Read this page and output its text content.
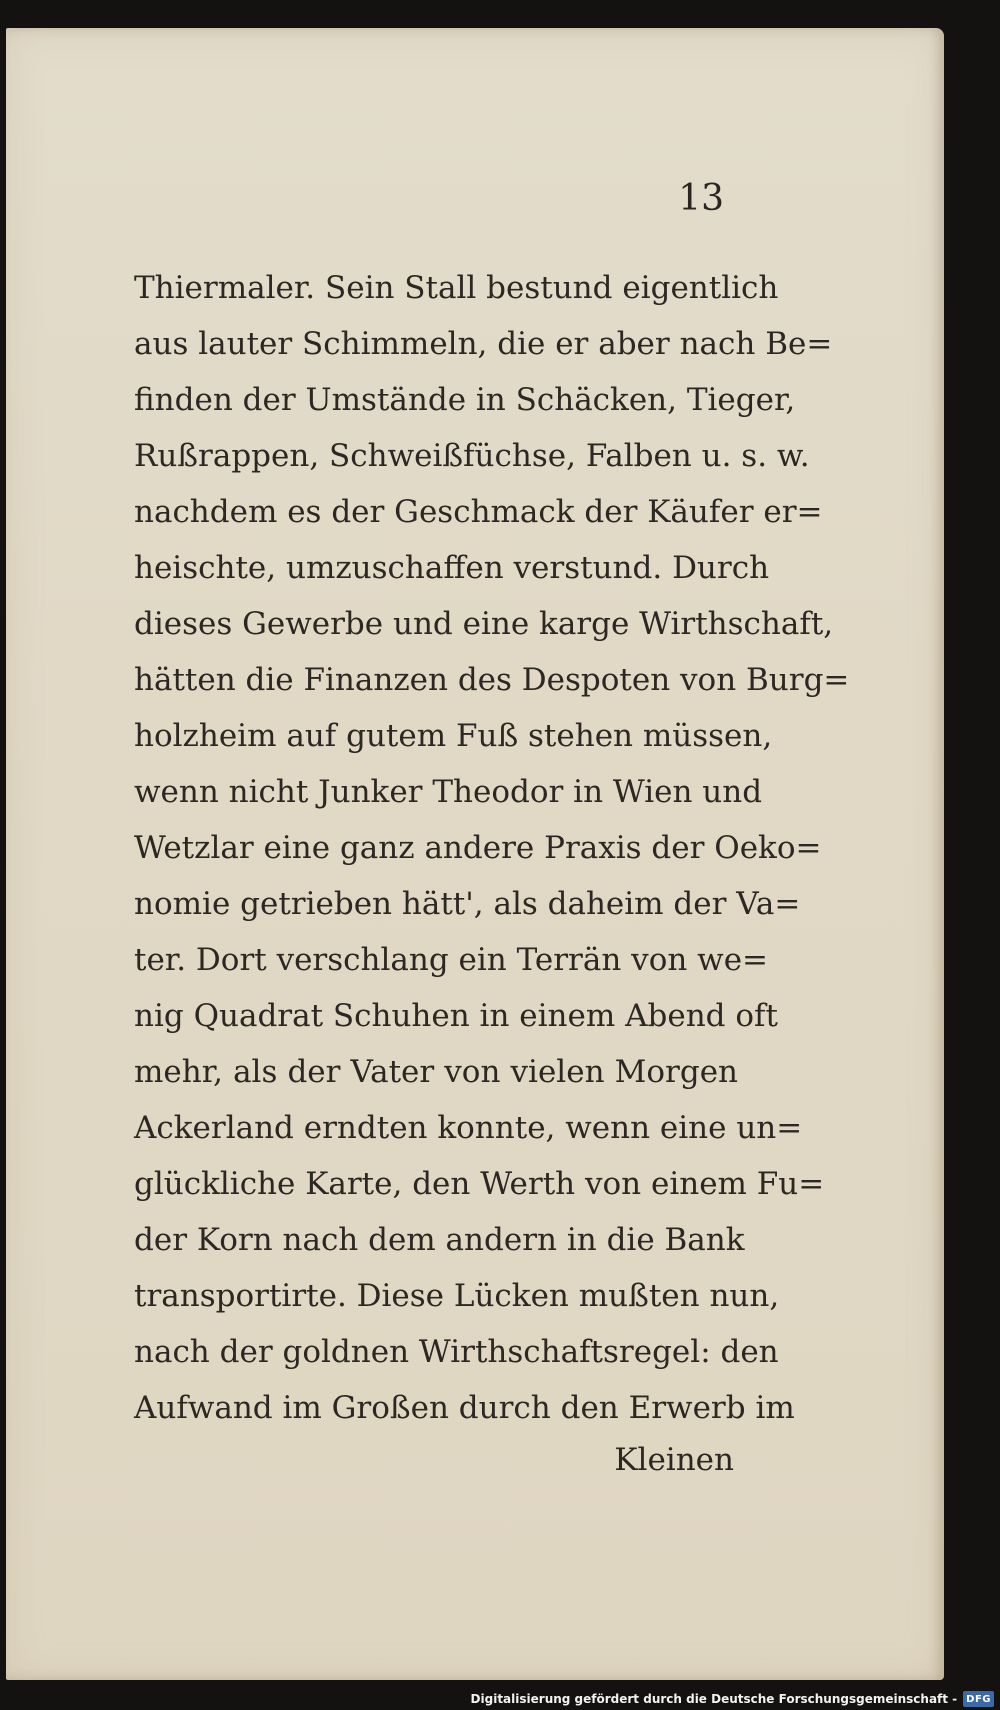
13

Thiermaler. Sein Stall bestund eigentlich
aus lauter Schimmeln, die er aber nach Be=
finden der Umstände in Schäcken, Tieger,
Rußrappen, Schweißfüchse, Falben u. s. w.
nachdem es der Geschmack der Käufer er=
heischte, umzuschaffen verstund. Durch
dieses Gewerbe und eine karge Wirthschaft,
hätten die Finanzen des Despoten von Burg=
holzheim auf gutem Fuß stehen müssen,
wenn nicht Junker Theodor in Wien und
Wetzlar eine ganz andere Praxis der Oeko=
nomie getrieben hätt', als daheim der Va=
ter. Dort verschlang ein Terrän von we=
nig Quadrat Schuhen in einem Abend oft
mehr, als der Vater von vielen Morgen
Ackerland erndten konnte, wenn eine un=
glückliche Karte, den Werth von einem Fu=
der Korn nach dem andern in die Bank
transportirte. Diese Lücken mußten nun,
nach der goldnen Wirthschaftsregel: den
Aufwand im Großen durch den Erwerb im

Kleinen

Digitalisierung gefördert durch die Deutsche Forschungsgemeinschaft - DFG
